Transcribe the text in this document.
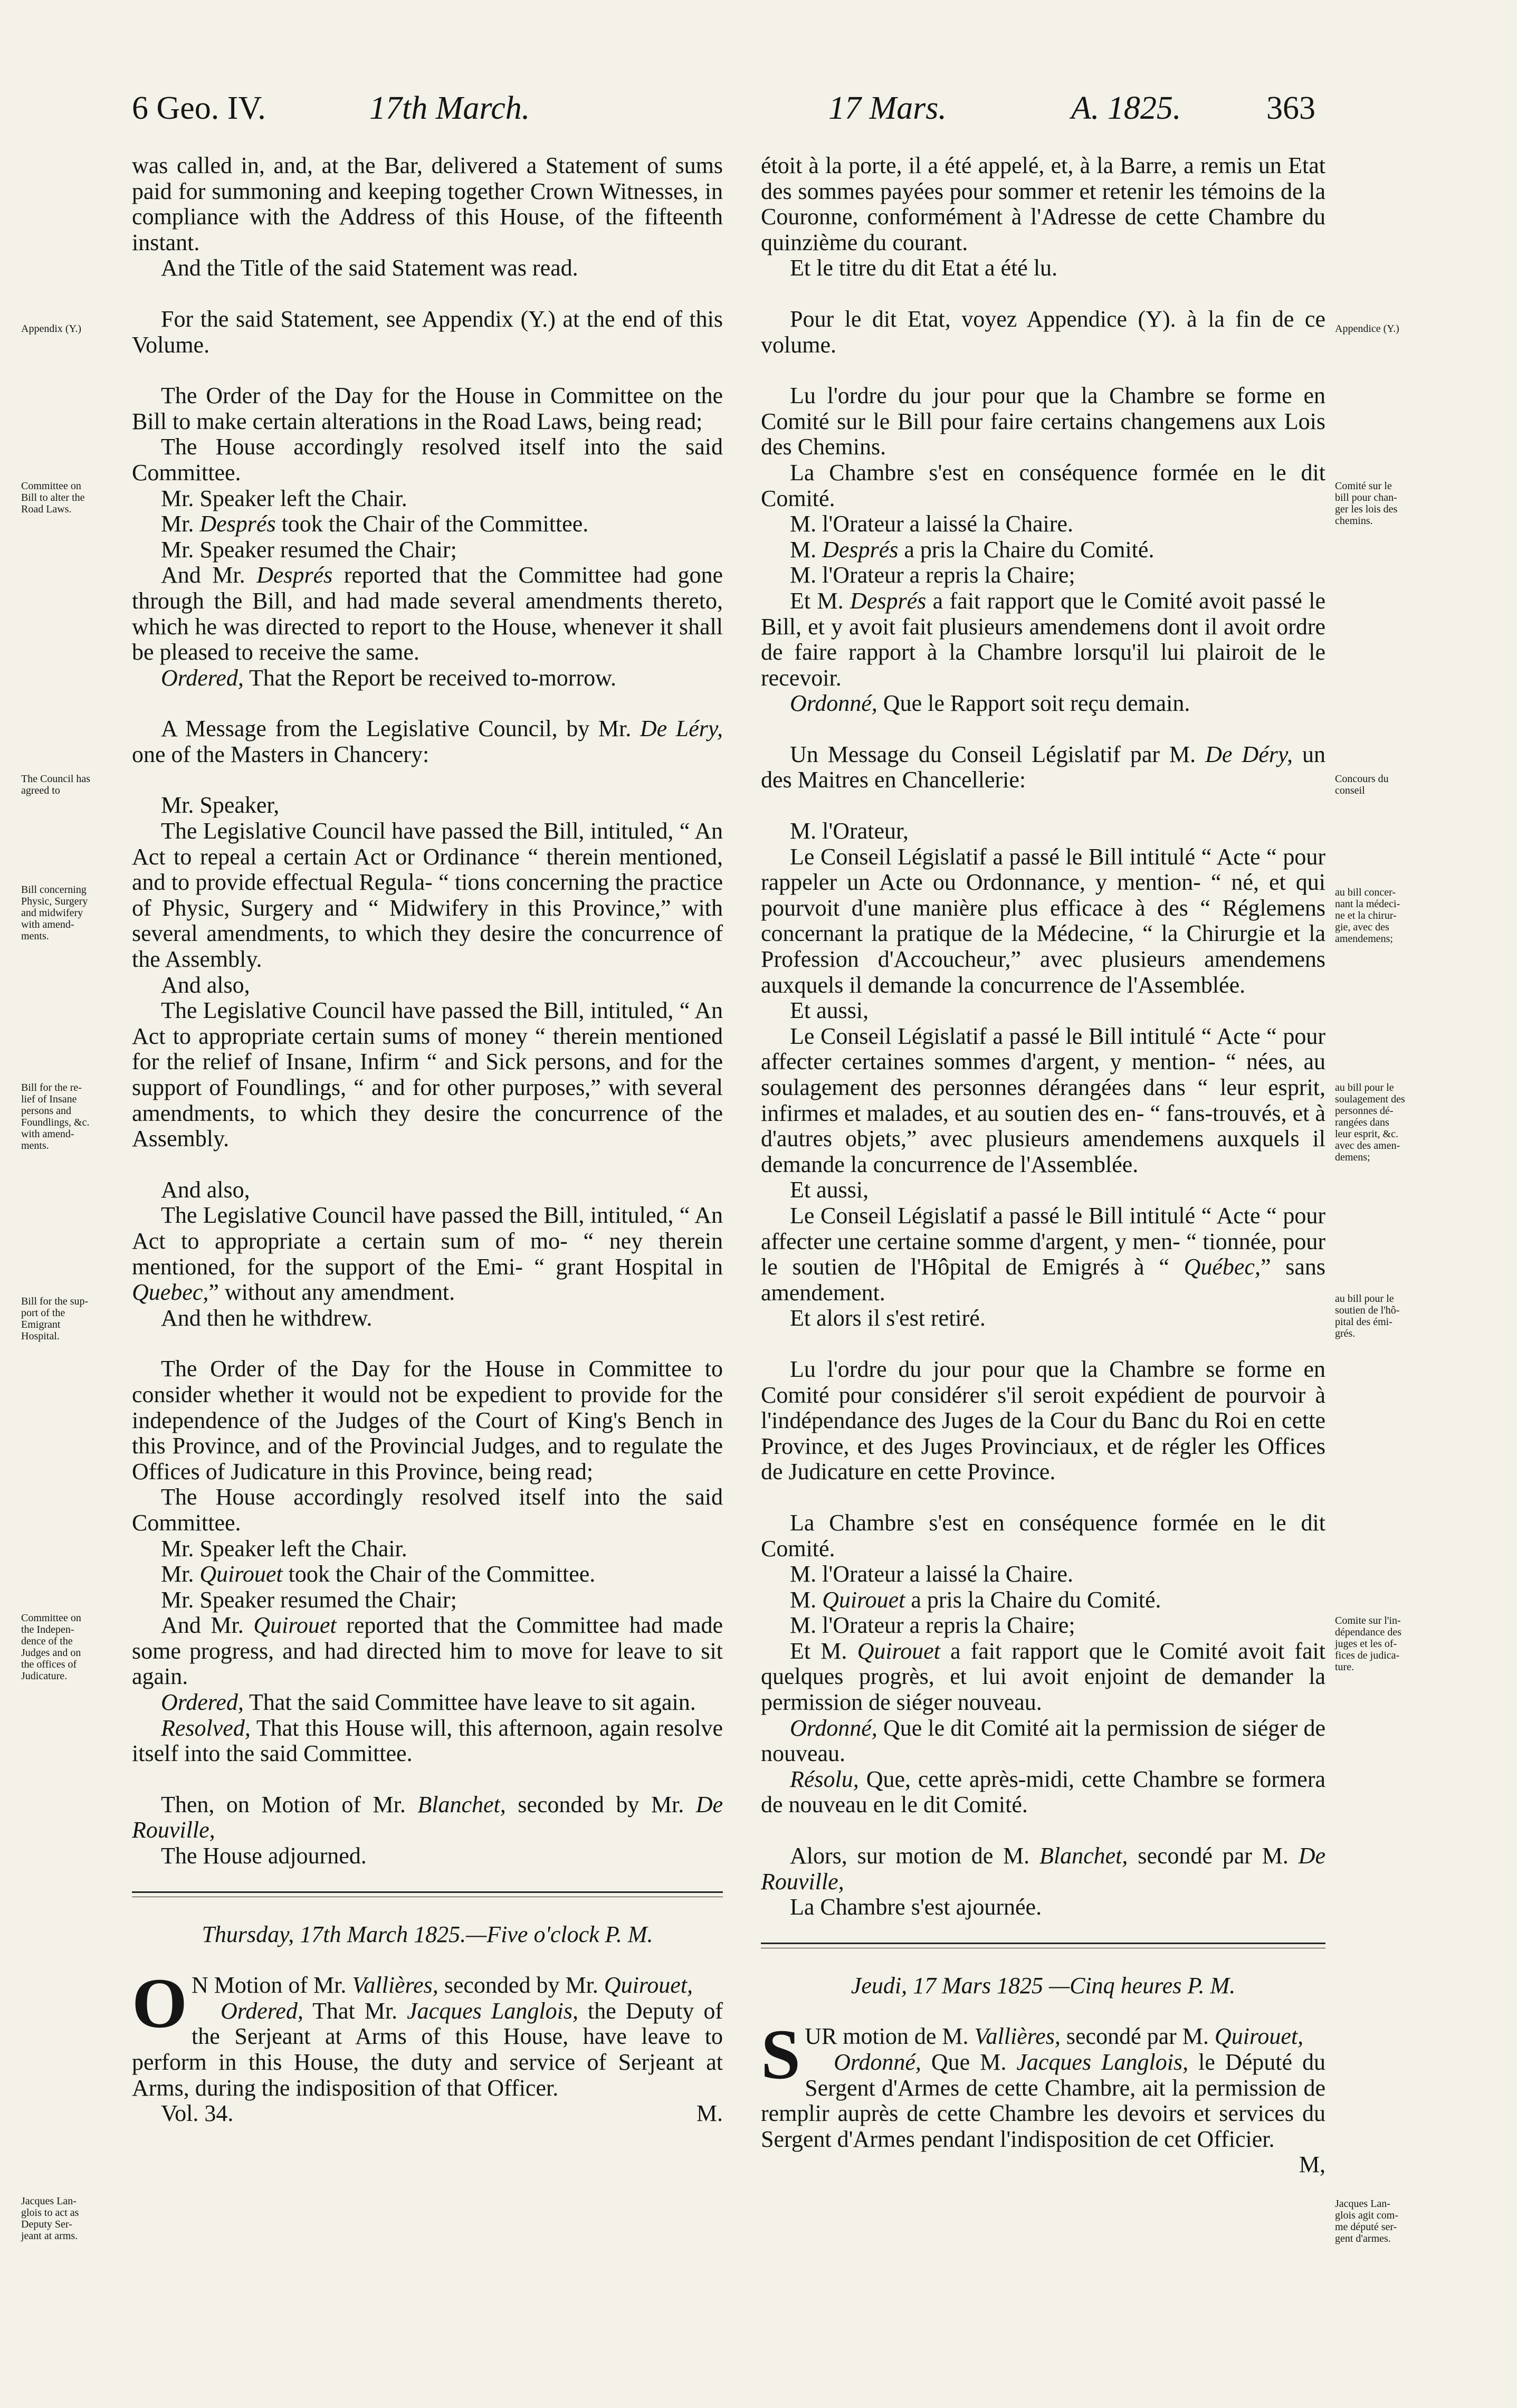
6 Geo. IV.	17th March.	17 Mars.	A. 1825.	363

was called in, and, at the Bar, delivered a Statement of sums paid for summoning and keeping together Crown Witnesses, in compliance with the Address of this House, of the fifteenth instant.

And the Title of the said Statement was read.

For the said Statement, see Appendix (Y.) at the end of this Volume.

The Order of the Day for the House in Committee on the Bill to make certain alterations in the Road Laws, being read;

The House accordingly resolved itself into the said Committee.

Mr. Speaker left the Chair.

Mr. Després took the Chair of the Committee.

Mr. Speaker resumed the Chair;

And Mr. Després reported that the Committee had gone through the Bill, and had made several amendments thereto, which he was directed to report to the House, whenever it shall be pleased to receive the same.

Ordered, That the Report be received to-morrow.

A Message from the Legislative Council, by Mr. De Léry, one of the Masters in Chancery:

Mr. Speaker,

The Legislative Council have passed the Bill, intituled, “ An Act to repeal a certain Act or Ordinance “ therein mentioned, and to provide effectual Regula- “ tions concerning the practice of Physic, Surgery and “ Midwifery in this Province,” with several amendments, to which they desire the concurrence of the Assembly.

And also,

The Legislative Council have passed the Bill, intituled, “ An Act to appropriate certain sums of money “ therein mentioned for the relief of Insane, Infirm “ and Sick persons, and for the support of Foundlings, “ and for other purposes,” with several amendments, to which they desire the concurrence of the Assembly.

And also,

The Legislative Council have passed the Bill, intituled, “ An Act to appropriate a certain sum of mo- “ ney therein mentioned, for the support of the Emi- “ grant Hospital in Quebec,” without any amendment.

And then he withdrew.

The Order of the Day for the House in Committee to consider whether it would not be expedient to provide for the independence of the Judges of the Court of King's Bench in this Province, and of the Provincial Judges, and to regulate the Offices of Judicature in this Province, being read;

The House accordingly resolved itself into the said Committee.

Mr. Speaker left the Chair.

Mr. Quirouet took the Chair of the Committee.

Mr. Speaker resumed the Chair;

And Mr. Quirouet reported that the Committee had made some progress, and had directed him to move for leave to sit again.

Ordered, That the said Committee have leave to sit again.

Resolved, That this House will, this afternoon, again resolve itself into the said Committee.

Then, on Motion of Mr. Blanchet, seconded by Mr. De Rouville,

The House adjourned.

Thursday, 17th March 1825.—Five o'clock P. M.

O N Motion of Mr. Vallières, seconded by Mr. Quirouet,

Ordered, That Mr. Jacques Langlois, the Deputy of the Serjeant at Arms of this House, have leave to perform in this House, the duty and service of Serjeant at Arms, during the indisposition of that Officer.

Vol. 34.	M.

étoit à la porte, il a été appelé, et, à la Barre, a remis un Etat des sommes payées pour sommer et retenir les témoins de la Couronne, conformément à l'Adresse de cette Chambre du quinzième du courant.

Et le titre du dit Etat a été lu.

Pour le dit Etat, voyez Appendice (Y). à la fin de ce volume.

Lu l'ordre du jour pour que la Chambre se forme en Comité sur le Bill pour faire certains changemens aux Lois des Chemins.

La Chambre s'est en conséquence formée en le dit Comité.

M. l'Orateur a laissé la Chaire.

M. Després a pris la Chaire du Comité.

M. l'Orateur a repris la Chaire;

Et M. Després a fait rapport que le Comité avoit passé le Bill, et y avoit fait plusieurs amendemens dont il avoit ordre de faire rapport à la Chambre lorsqu'il lui plairoit de le recevoir.

Ordonné, Que le Rapport soit reçu demain.

Un Message du Conseil Législatif par M. De Déry, un des Maitres en Chancellerie:

M. l'Orateur,

Le Conseil Législatif a passé le Bill intitulé “ Acte “ pour rappeler un Acte ou Ordonnance, y mention- “ né, et qui pourvoit d'une manière plus efficace à des “ Réglemens concernant la pratique de la Médecine, “ la Chirurgie et la Profession d'Accoucheur,” avec plusieurs amendemens auxquels il demande la concurrence de l'Assemblée.

Et aussi,

Le Conseil Législatif a passé le Bill intitulé “ Acte “ pour affecter certaines sommes d'argent, y mention- “ nées, au soulagement des personnes dérangées dans “ leur esprit, infirmes et malades, et au soutien des en- “ fans-trouvés, et à d'autres objets,” avec plusieurs amendemens auxquels il demande la concurrence de l'Assemblée.

Et aussi,

Le Conseil Législatif a passé le Bill intitulé “ Acte “ pour affecter une certaine somme d'argent, y men- “ tionnée, pour le soutien de l'Hôpital de Emigrés à “ Québec,” sans amendement.

Et alors il s'est retiré.

Lu l'ordre du jour pour que la Chambre se forme en Comité pour considérer s'il seroit expédient de pourvoir à l'indépendance des Juges de la Cour du Banc du Roi en cette Province, et des Juges Provinciaux, et de régler les Offices de Judicature en cette Province.

La Chambre s'est en conséquence formée en le dit Comité.

M. l'Orateur a laissé la Chaire.

M. Quirouet a pris la Chaire du Comité.

M. l'Orateur a repris la Chaire;

Et M. Quirouet a fait rapport que le Comité avoit fait quelques progrès, et lui avoit enjoint de demander la permission de siéger nouveau.

Ordonné, Que le dit Comité ait la permission de siéger de nouveau.

Résolu, Que, cette après-midi, cette Chambre se formera de nouveau en le dit Comité.

Alors, sur motion de M. Blanchet, secondé par M. De Rouville,

La Chambre s'est ajournée.

Jeudi, 17 Mars 1825 —Cinq heures P. M.

SUR motion de M. Vallières, secondé par M. Quirouet,

Ordonné, Que M. Jacques Langlois, le Député du Sergent d'Armes de cette Chambre, ait la permission de remplir auprès de cette Chambre les devoirs et services du Sergent d'Armes pendant l'indisposition de cet Officier.

M,

Appendix (Y.)
Committee on
Bill to alter the
Road Laws.
The Council has
agreed to
Bill concerning
Physic, Surgery
and midwifery
with amend-
ments.
Bill for the re-
lief of Insane
persons and
Foundlings, &c.
with amend-
ments.
Bill for the sup-
port of the
Emigrant
Hospital.
Committee on
the Indepen-
dence of the
Judges and on
the offices of
Judicature.
Jacques Lan-
glois to act as
Deputy Ser-
jeant at arms.
Appendice (Y.)
Comité sur le
bill pour chan-
ger les lois des
chemins.
Concours du
conseil
au bill concer-
nant la médeci-
ne et la chirur-
gie, avec des
amendemens;
au bill pour le
soulagement des
personnes dé-
rangées dans
leur esprit, &c.
avec des amen-
demens;
au bill pour le
soutien de l'hô-
pital des émi-
grés.
Comite sur l'in-
dépendance des
juges et les of-
fices de judica-
ture.
Jacques Lan-
glois agit com-
me député ser-
gent d'armes.
